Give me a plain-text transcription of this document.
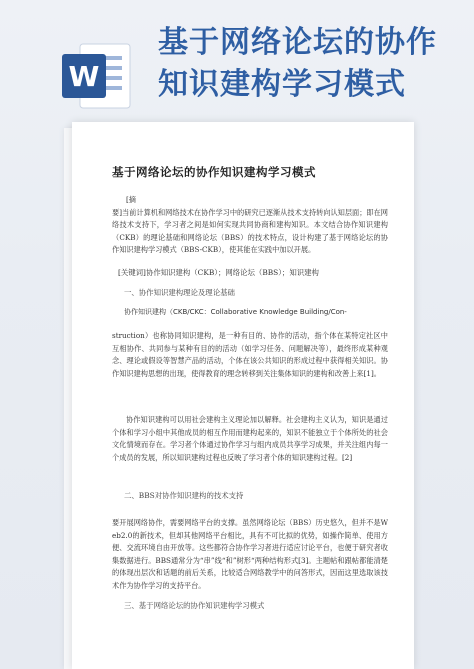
W
基于网络论坛的协作知识建构学习模式
基于网络论坛的协作知识建构学习模式
[摘
要]当前计算机和网络技术在协作学习中的研究已逐渐从技术支持转向认知层面；即在网络技术支持下，学习者之间是如何实现共同协商和建构知识。本文结合协作知识建构（CKB）的理论基础和网络论坛（BBS）的技术特点，设计构建了基于网络论坛的协作知识建构学习模式（BBS-CKB），使其能在实践中加以开展。
[关键词]协作知识建构（CKB）；网络论坛（BBS）；知识建构
一、协作知识建构理论及理论基础
协作知识建构（CKB/CKC：Collaborative Knowledge Building/Con-
struction）也称协同知识建构，是一种有目的、协作的活动，指个体在某特定社区中互相协作、共同参与某种有目的的活动（如学习任务、问题解决等），最终形成某种观念、理论或假设等智慧产品的活动，个体在该公共知识的形成过程中获得相关知识。协作知识建构思想的出现，使得教育的理念转移到关注集体知识的建构和改善上来[1]。
协作知识建构可以用社会建构主义理论加以解释。社会建构主义认为，知识是通过个体和学习小组中其他成员的相互作用而建构起来的，知识不能独立于个体所处的社会文化情境而存在。学习者个体通过协作学习与组内成员共享学习成果，并关注组内每一个成员的发展，所以知识建构过程也反映了学习者个体的知识建构过程。[2]
二、BBS对协作知识建构的技术支持
要开展网络协作，需要网络平台的支撑。虽然网络论坛（BBS）历史悠久，但并不是Web2.0的新技术，但却其他网络平台相比，具有不可比拟的优势，如操作简单、使用方便、交流环境自由开放等。这些都符合协作学习者进行适应讨论平台，也便于研究者收集数据进行。BBS通常分为“串”线“和”树形“两种结构形式[3]。主题帖和跟帖都能清楚的体现出层次和话题的前后关系，比较适合网络教学中的问答形式，因而这里选取该技术作为协作学习的支持平台。
三、基于网络论坛的协作知识建构学习模式
